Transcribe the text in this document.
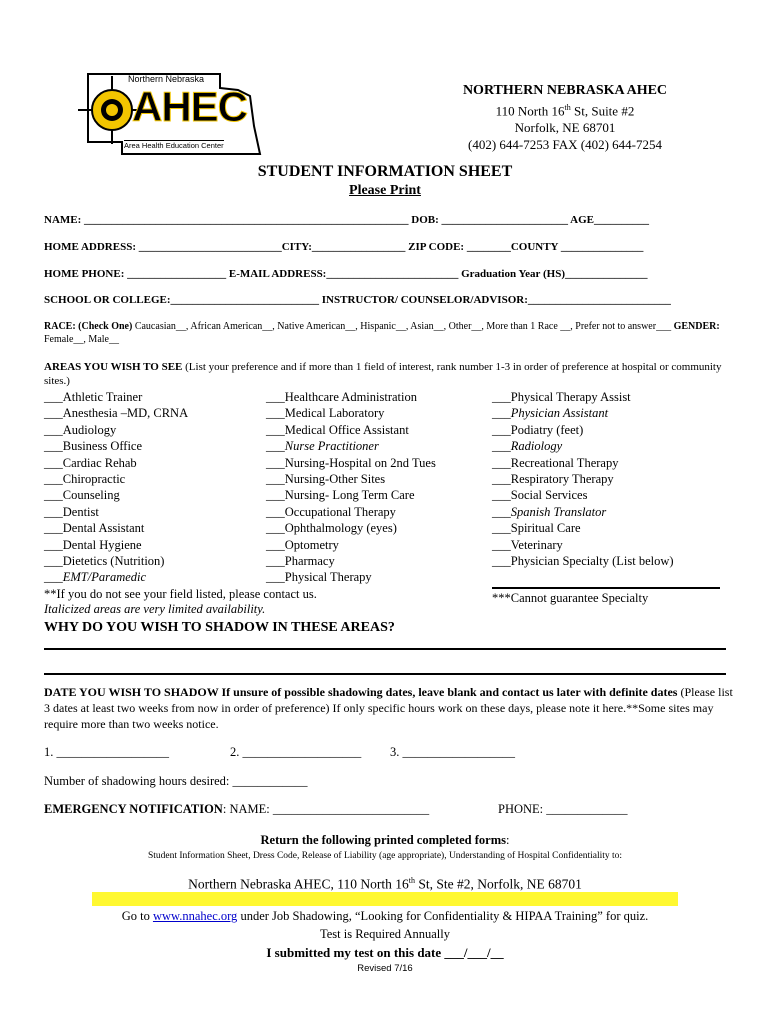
Northern Nebraska
AHEC
Area Health Education Center
NORTHERN NEBRASKA AHEC
110 North 16th St, Suite #2
Norfolk, NE 68701
(402) 644-7253 FAX (402) 644-7254
STUDENT INFORMATION SHEET
Please Print
NAME: ___________________________________________________________ DOB: _______________________ AGE__________
HOME ADDRESS: __________________________CITY:_________________ ZIP CODE: ________COUNTY _______________
HOME PHONE: __________________ E-MAIL ADDRESS:________________________ Graduation Year (HS)_______________
SCHOOL OR COLLEGE:___________________________ INSTRUCTOR/ COUNSELOR/ADVISOR:__________________________
RACE: (Check One) Caucasian__, African American__, Native American__, Hispanic__, Asian__, Other__, More than 1 Race __, Prefer not to answer___ GENDER: Female__, Male__
AREAS YOU WISH TO SEE (List your preference and if more than 1 field of interest, rank number 1-3 in order of preference at hospital or community sites.)
___Athletic Trainer
___Anesthesia –MD, CRNA
___Audiology
___Business Office
___Cardiac Rehab
___Chiropractic
___Counseling
___Dentist
___Dental Assistant
___Dental Hygiene
___Dietetics (Nutrition)
___EMT/Paramedic
___Healthcare Administration
___Medical Laboratory
___Medical Office Assistant
___Nurse Practitioner
___Nursing-Hospital on 2nd Tues
___Nursing-Other Sites
___Nursing- Long Term Care
___Occupational Therapy
___Ophthalmology (eyes)
___Optometry
___Pharmacy
___Physical Therapy
___Physical Therapy Assist
___Physician Assistant
___Podiatry (feet)
___Radiology
___Recreational Therapy
___Respiratory Therapy
___Social Services
___Spanish Translator
___Spiritual Care
___Veterinary
___Physician Specialty (List below)
***Cannot guarantee Specialty
**If you do not see your field listed, please contact us.
Italicized areas are very limited availability.
WHY DO YOU WISH TO SHADOW IN THESE AREAS?
DATE YOU WISH TO SHADOW If unsure of possible shadowing dates, leave blank and contact us later with definite dates (Please list 3 dates at least two weeks from now in order of preference) If only specific hours work on these days, please note it here.**Some sites may require more than two weeks notice.
1. __________________	2. ___________________ 3. __________________
Number of shadowing hours desired: ____________
EMERGENCY NOTIFICATION: NAME: _________________________	PHONE: _____________
Return the following printed completed forms:
Student Information Sheet, Dress Code, Release of Liability (age appropriate), Understanding of Hospital Confidentiality to:
Northern Nebraska AHEC, 110 North 16th St, Ste #2, Norfolk, NE 68701
Go to www.nnahec.org under Job Shadowing, “Looking for Confidentiality & HIPAA Training” for quiz.
Test is Required Annually
I submitted my test on this date ___/___/__
Revised 7/16
